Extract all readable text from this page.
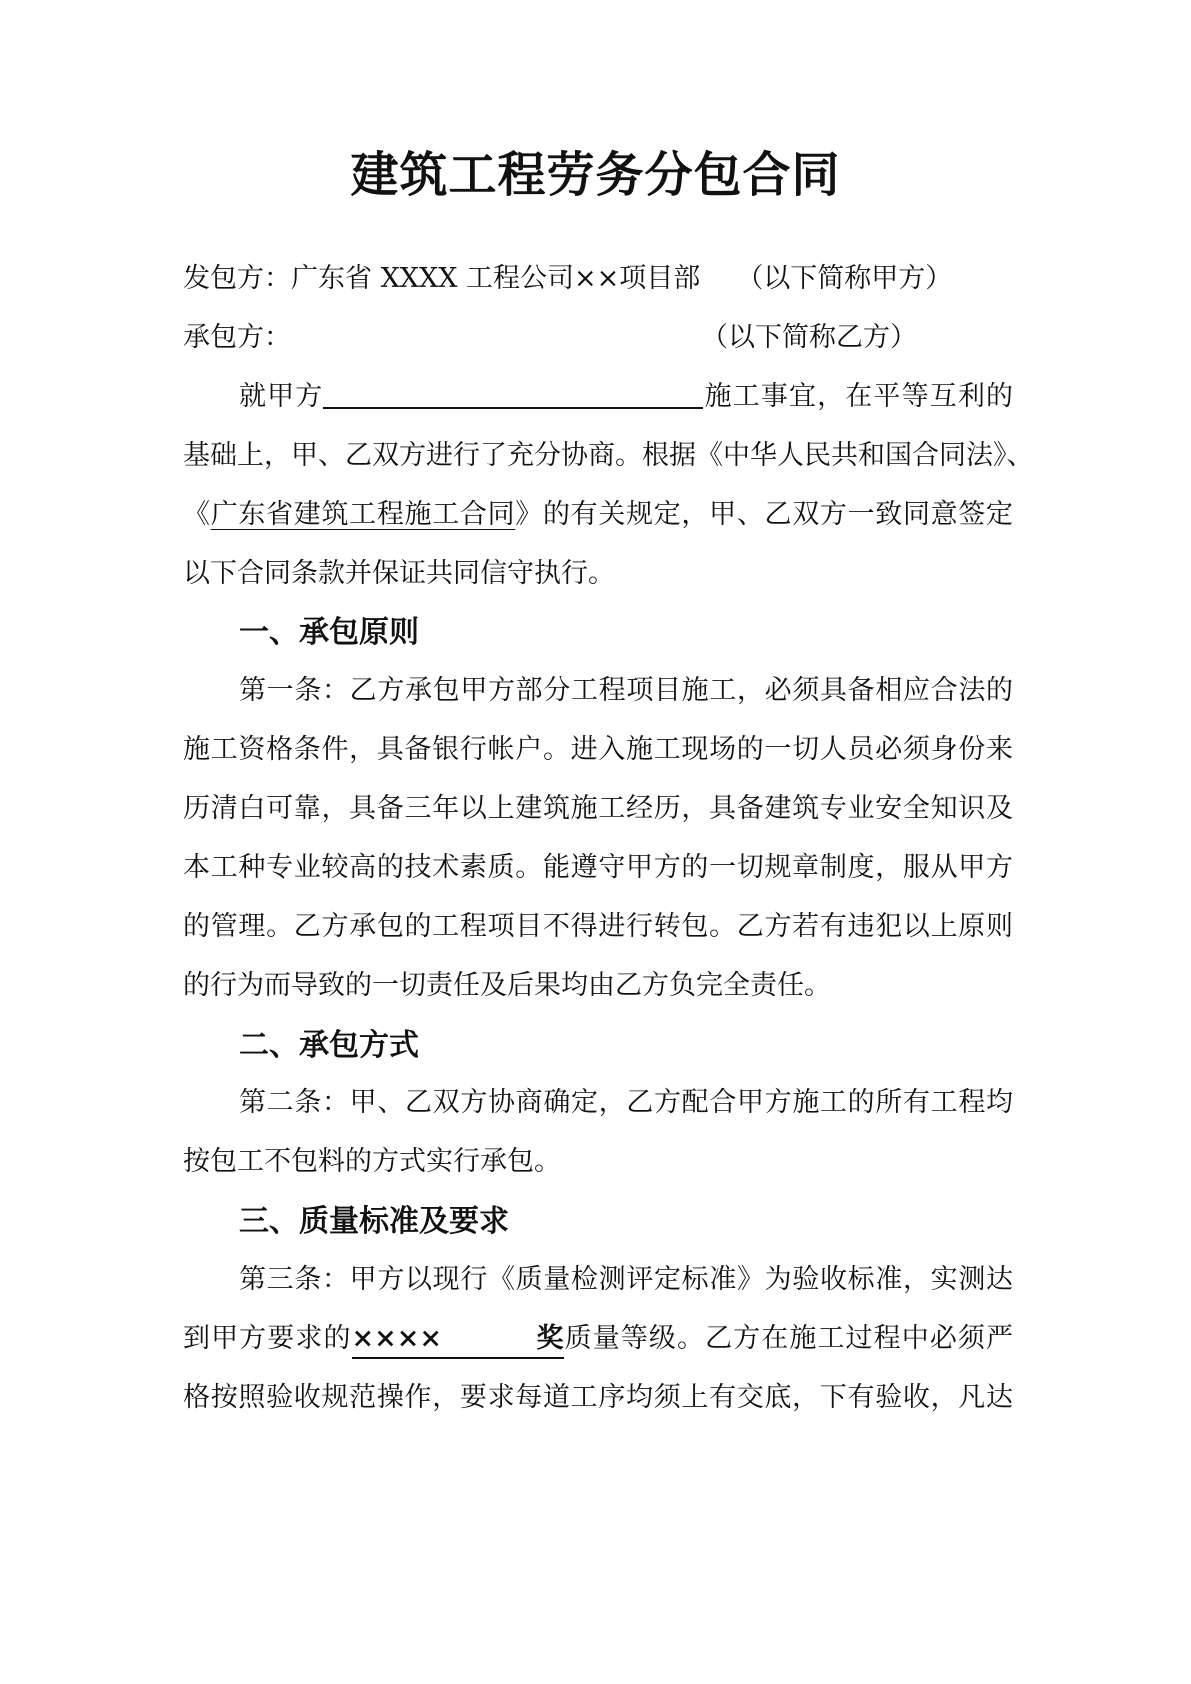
建筑工程劳务分包合同
发包方：广东省 XXXX 工程公司××项目部 （以下简称甲方）
承包方：	（以下简称乙方）
就甲方	施工事宜，在平等互利的
基础上，甲、乙双方进行了充分协商。根据《中华人民共和国合同法》、
《广东省建筑工程施工合同》的有关规定，甲、乙双方一致同意签定
以下合同条款并保证共同信守执行。
一、承包原则
第一条：乙方承包甲方部分工程项目施工，必须具备相应合法的
施工资格条件，具备银行帐户。进入施工现场的一切人员必须身份来
历清白可靠，具备三年以上建筑施工经历，具备建筑专业安全知识及
本工种专业较高的技术素质。能遵守甲方的一切规章制度，服从甲方
的管理。乙方承包的工程项目不得进行转包。乙方若有违犯以上原则
的行为而导致的一切责任及后果均由乙方负完全责任。
二、承包方式
第二条：甲、乙双方协商确定，乙方配合甲方施工的所有工程均
按包工不包料的方式实行承包。
三、质量标准及要求
第三条：甲方以现行《质量检测评定标准》为验收标准，实测达
到甲方要求的××××奖质量等级。乙方在施工过程中必须严
格按照验收规范操作，要求每道工序均须上有交底，下有验收，凡达
